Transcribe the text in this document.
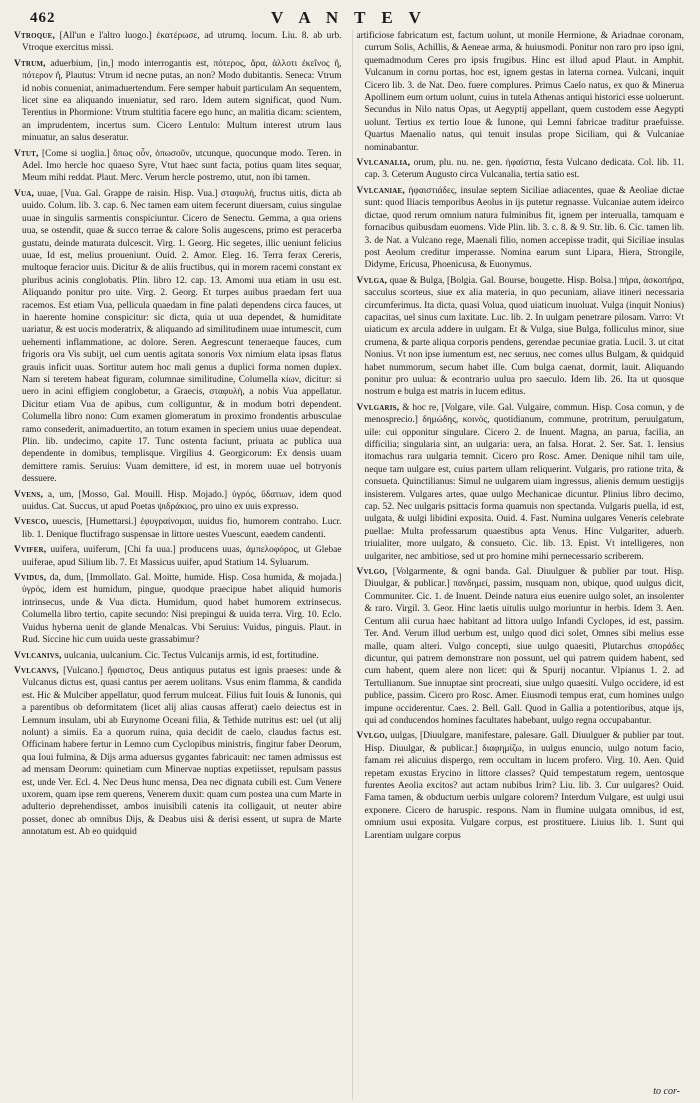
462	V A N T E V

Vtroque, [All'un e l'altro luogo.] ἑκατέρωσε, ad utrumq. locum. Liu. 8. ab urb. Vtroque exercitus missi.

Vtrum, aduerbium, [in,] modo interrogantis est, πότερος, ἄρα, ἀλλοτι ἐκεῖνος ἤ, πότερον ἤ, Plautus: Vtrum id necne putas, an non? Modo dubitantis. Seneca: Vtrum id nobis conueniat, animaduertendum. Fere semper habuit particulam An sequentem, licet sine ea aliquando inueniatur, sed raro. Idem autem significat, quod Num. Terentius in Phormione: Vtrum stultitia facere ego hunc, an malitia dicam: scientem, an imprudentem, incertus sum. Cicero Lentulo: Multum interest utrum laus minuatur, an salus deseratur.

Vtut, [Come si uoglia.] ὅπως οὖν, ὁπωσοῦν, utcunque, quocunque modo. Teren. in Adel. Imo hercle hoc quaeso Syre, Vtut haec sunt facta, potius quam lites sequar, Meum mihi reddat. Plaut. Merc. Verum hercle postremo, utut, non ibi tamen.

Vua, uuae, [Vua. Gal. Grappe de raisin. Hisp. Vua.] σταφυλή, fructus uitis, dicta ab uuido. Colum. lib. 3. cap. 6. Nec tamen eam uitem fecerunt diuersam, cuius singulae uuae in singulis sarmentis conspiciuntur. Cicero de Senectu. Gemma, a qua oriens uua, se ostendit, quae & succo terrae & calore Solis augescens, primo est peracerba gustatu, deinde maturata dulcescit. Virg. 1. Georg. Hic segetes, illic ueniunt felicius uuae, Id est, melius proueniunt. Ouid. 2. Amor. Eleg. 16. Terra ferax Cereris, multoque feracior uuis. Dicitur & de aliis fructibus, qui in morem racemi constant ex pluribus acinis conglobatis. Plin. libro 12. cap. 13. Amomi uua etiam in usu est. Aliquando ponitur pro uite. Virg. 2. Georg. Et turpes auibus praedam fert uua racemos. Est etiam Vua, pellicula quaedam in fine palati dependens circa fauces, ut in haerente homine conspicitur: sic dicta, quia ut uua dependet, & humiditate uariatur, & est uocis moderatrix, & aliquando ad similitudinem uuae intumescit, cum uehementi inflammatione, ac dolore. Seren. Aegrescunt teneraeque fauces, cum frigoris ora Vis subijt, uel cum uentis agitata sonoris Vox nimium elata ipsas flatus grauis inficit uuas. Sortitur autem hoc mali genus a duplici forma nomen duplex. Nam si teretem habeat figuram, columnae similitudine, Columella κίων, dicitur: si uero in acini effigiem conglobetur, a Graecis, σταφυλὴ, a nobis Vua appellatur. Dicitur etiam Vua de apibus, cum colliguntur, & in modum botri dependent. Columella libro nono: Cum examen glomeratum in proximo frondentis arbusculae ramo consederit, animaduertito, an totum examen in speciem unius uuae dependeat. Plin. lib. undecimo, capite 17. Tunc ostenta faciunt, priuata ac publica uua dependente in domibus, templisque. Virgilius 4. Georgicorum: Ex densis uuam demittere ramis. Seruius: Vuam demittere, id est, in morem uuae uel botryonis dessuere.

Vvens, a, um, [Mosso, Gal. Mouill. Hisp. Mojado.] ὑγρός, ὕδατιων, idem quod uuidus. Cat. Succus, ut apud Poetas ψιδράκιος, pro uino ex uuis expresso.

Vvesco, uuescis, [Humettarsi.] ἐφυγραίνομαι, uuidus fio, humorem contraho. Lucr. lib. 1. Denique fluctifrago suspensae in littore uestes Vuescunt, eaedem candenti.

Vvifer, uuifera, uuiferum, [Chi fa uua.] producens uuas, ἀμπελοφόρος, ut Glebae uuiferae, apud Silium lib. 7. Et Massicus uuifer, apud Statium 14. Syluarum.

Vvidus, da, dum, [Immollato. Gal. Moitte, humide. Hisp. Cosa humida, & mojada.] ὑγρός, idem est humidum, pingue, quodque praecipue habet aliquid humoris intrinsecus, unde & Vua dicta. Humidum, quod habet humorem extrinsecus. Columella libro tertio, capite secundo: Nisi prepingui & uuida terra. Virg. 10. Eclo. Vuidus hyberna uenit de glande Menalcas. Vbi Seruius: Vuidus, pinguis. Plaut. in Rud. Siccine hic cum uuida ueste grassabimur?

Vvlcanivs, uulcania, uulcanium. Cic. Tectus Vulcanijs armis, id est, fortitudine.

Vvlcanvs, [Vulcano.] ἥφαιστος, Deus antiquus putatus est ignis praeses: unde & Vulcanus dictus est, quasi cantus per aerem uolitans. Vsus enim flamma, & candida est. Hic & Mulciber appellatur, quod ferrum mulceat. Filius fuit Iouis & Iunonis, qui a parentibus ob deformitatem (licet alij alias causas afferat) caelo deiectus est in Lemnum insulam, ubi ab Eurynome Oceani filia, & Tethide nutritus est: uel (ut alij nolunt) a simiis. Ea a quorum ruina, quia decidit de caelo, claudus factus est. Officinam habere fertur in Lemno cum Cyclopibus ministris, fingitur faber Deorum, qua Ioui fulmina, & Dijs arma aduersus gygantes fabricauit: nec tamen admissus est ad mensam Deorum: quinetiam cum Minervae nuptias expetiisset, repulsam passus est, unde Ver. Ecl. 4. Nec Deus hunc mensa, Dea nec dignata cubili est. Cum Venere uxorem, quam ipse rem querens, Venerem duxit: quam cum postea una cum Marte in adulterio deprehendisset, ambos inuisibili catenis ita colligauit, ut neuter abire posset, donec ab omnibus Dijs, & Deabus uisi & derisi essent, ut supra de Marte annotatum est. Ab eo quidquid

artificiose fabricatum est, factum uolunt, ut monile Hermione, & Ariadnae coronam, currum Solis, Achillis, & Aeneae arma, & huiusmodi. Ponitur non raro pro ipso igni, quemadmodum Ceres pro ipsis frugibus. Hinc est illud apud Plaut. in Amphit. Vulcanum in cornu portas, hoc est, ignem gestas in laterna cornea. Vulcani, inquit Cicero lib. 3. de Nat. Deo. fuere complures. Primus Caelo natus, ex quo & Minerua Apollinem eum ortum uolunt, cuius in tutela Athenas antiqui historici esse uoluerunt. Secundus in Nilo natus Opas, ut Aegyptij appellant, quem custodem esse Aegypti uolunt. Tertius ex tertio Ioue & Iunone, qui Lemni fabricae traditur praefuisse. Quartus Maenalio natus, qui tenuit insulas prope Siciliam, qui & Vulcaniae nominabantur.

Vvlcanalia, orum, plu. nu. ne. gen. ἡφαίστια, festa Vulcano dedicata. Col. lib. 11. cap. 3. Ceterum Augusto circa Vulcanalia, tertia satio est.

Vvlcaniae, ἡφαιστιάδες, insulae septem Siciliae adiacentes, quae & Aeoliae dictae sunt: quod Iliacis temporibus Aeolus in ijs putetur regnasse. Vulcaniae autem ideirco dictae, quod rerum omnium natura fulminibus fit, ignem per interualla, tamquam e fornacibus quibusdam euomens. Vide Plin. lib. 3. c. 8. & 9. Str. lib. 6. Cic. tamen lib. 3. de Nat. a Vulcano rege, Maenali filio, nomen accepisse tradit, qui Siciliae insulas post Aeolum creditur imperasse. Nomina earum sunt Lipara, Hiera, Strongile, Didyme, Ericusa, Phoenicusa, & Euonymus.

Vvlga, quae & Bulga, [Bolgia. Gal. Bourse, bougette. Hisp. Bolsa.] πήρα, ἀσκοπήρα, sacculus scorteus, siue ex alia materia, in quo pecuniam, aliave itineri necessaria circumferimus. Ita dicta, quasi Volua, quod uiaticum inuoluat. Vulga (inquit Nonius) capacitas, uel sinus cum laxitate. Luc. lib. 2. In uulgam penetrare pilosam. Varro: Vt uiaticum ex arcula addere in uulgam. Et & Vulga, siue Bulga, folliculus minor, siue crumena, & parte aliqua corporis pendens, gerendae pecuniae gratia. Lucil. 3. ut citat Nonius. Vt non ipse iumentum est, nec seruus, nec comes ullus Bulgam, & quidquid habet nummorum, secum habet ille. Cum bulga caenat, dormit, lauit. Aliquando ponitur pro uulua: & econtrario uulua pro saeculo. Idem lib. 26. Ita ut quosque nostrum e bulga est matris in lucem editus.

Vvlgaris, & hoc re, [Volgare, vile. Gal. Vulgaire, commun. Hisp. Cosa comun, y de menosprecio.] δημώδης, κοινὸς, quotidianum, commune, protritum, peruulgatum, uile: cui opponitur singulare. Cicero 2. de Inuent. Magna, an parua, facilia, an difficilia; singularia sint, an uulgaria: uera, an falsa. Horat. 2. Ser. Sat. 1. Iensius itomachus rara uulgaria temnit. Cicero pro Rosc. Amer. Denique nihil tam uile, neque tam uulgare est, cuius partem ullam reliquerint. Vulgaris, pro ratione trita, & consueta. Quinctilianus: Simul ne uulgarem uiam ingressus, alienis demum uestigijs insisterem. Vulgares artes, quae uulgo Mechanicae dicuntur. Plinius libro decimo, cap. 52. Nec uulgaris psittacis forma quamuis non spectanda. Vulgaris puella, id est, uulgata, & uulgi libidini exposita. Ouid. 4. Fast. Numina uulgares Veneris celebrate puellae: Multa professarum quaestibus apta Venus. Hinc Vulgariter, aduerb. triuialiter, more uulgato, & consueto. Cic. lib. 13. Epist. Vt intelligeres, non uulgariter, nec ambitiose, sed ut pro homine mihi pernecessario scriberem.

Vvlgo, [Volgarmente, & ogni banda. Gal. Diuulguer & publier par tout. Hisp. Diuulgar, & publicar.] πανδημεί, passim, nusquam non, ubique, quod uulgus dicit, Communiter. Cic. 1. de Inuent. Deinde natura eius euenire uulgo solet, an insolenter & raro. Virgil. 3. Geor. Hinc laetis uitulis uulgo moriuntur in herbis. Idem 3. Aen. Centum alii curua haec habitant ad littora uulgo Infandi Cyclopes, id est, passim. Ter. And. Verum illud uerbum est, uulgo quod dici solet, Omnes sibi melius esse malle, quam alteri. Vulgo concepti, siue uulgo quaesiti, Plutarchus σποράδες dicuntur, qui patrem demonstrare non possunt, uel qui patrem quidem habent, sed cum habent, quem alere non licet: qui & Spurij nocantur. Vlpianus 1. 2. ad Tertullianum. Sue innuptae sint procreati, siue uulgo quaesiti. Vulgo occidere, id est publice, passim. Cicero pro Rosc. Amer. Eiusmodi tempus erat, cum homines uulgo impune occiderentur. Caes. 2. Bell. Gall. Quod in Gallia a potentioribus, atque ijs, qui ad conducendos homines facultates habebant, uulgo regna occupabantur.

Vvlgo, uulgas, [Diuulgare, manifestare, palesare. Gall. Diuulguer & publier par tout. Hisp. Diuulgar, & publicar.] διαφημίζω, in uulgus enuncio, uulgo notum facio, famam rei alicuius dispergo, rem occultam in lucem profero. Virg. 10. Aen. Quid repetam exustas Erycino in littore classes? Quid tempestatum regem, uentosque furentes Aeolia excitos? aut actam nubibus Irim? Liu. lib. 3. Cur uulgares? Ouid. Fama tamen, & obductum uerbis uulgare colorem? Interdum Vulgare, est uulgi usui exponere. Cicero de haruspic. respons. Nam in flumine uulgata omnibus, id est, omnium usui exposita. Vulgare corpus, est prostituere. Liuius lib. 1. Sunt qui Larentiam uulgare corpus

to cor-
